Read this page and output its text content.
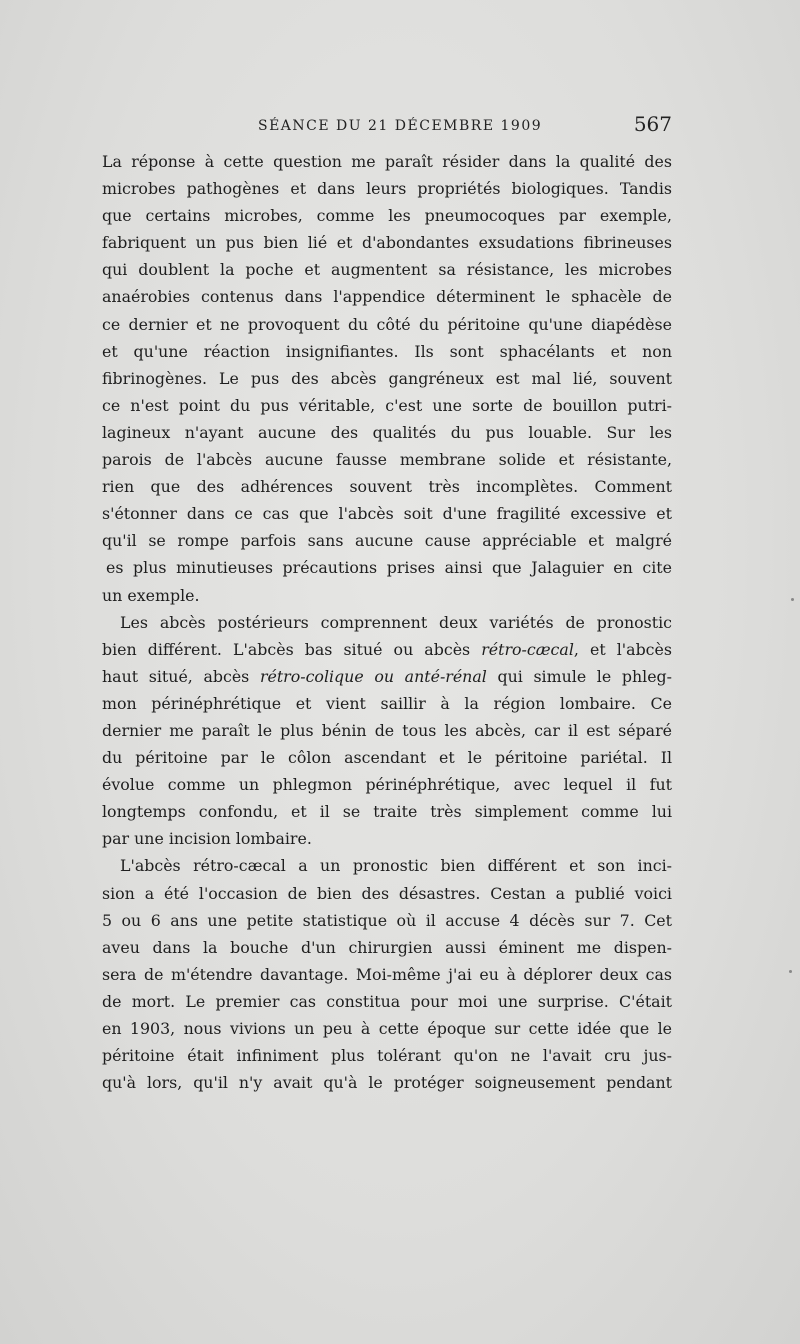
SÉANCE DU 21 DÉCEMBRE 1909	567

La réponse à cette question me paraît résider dans la qualité des
microbes pathogènes et dans leurs propriétés biologiques. Tandis
que certains microbes, comme les pneumocoques par exemple,
fabriquent un pus bien lié et d'abondantes exsudations fibrineuses
qui doublent la poche et augmentent sa résistance, les microbes
anaérobies contenus dans l'appendice déterminent le sphacèle de
ce dernier et ne provoquent du côté du péritoine qu'une diapédèse
et qu'une réaction insignifiantes. Ils sont sphacélants et non
fibrinogènes. Le pus des abcès gangréneux est mal lié, souvent
ce n'est point du pus véritable, c'est une sorte de bouillon putri-
lagineux n'ayant aucune des qualités du pus louable. Sur les
parois de l'abcès aucune fausse membrane solide et résistante,
rien que des adhérences souvent très incomplètes. Comment
s'étonner dans ce cas que l'abcès soit d'une fragilité excessive et
qu'il se rompe parfois sans aucune cause appréciable et malgré
es plus minutieuses précautions prises ainsi que Jalaguier en cite
un exemple.

Les abcès postérieurs comprennent deux variétés de pronostic
bien différent. L'abcès bas situé ou abcès rétro-cæcal, et l'abcès
haut situé, abcès rétro-colique ou anté-rénal qui simule le phleg-
mon périnéphrétique et vient saillir à la région lombaire. Ce
dernier me paraît le plus bénin de tous les abcès, car il est séparé
du péritoine par le côlon ascendant et le péritoine pariétal. Il
évolue comme un phlegmon périnéphrétique, avec lequel il fut
longtemps confondu, et il se traite très simplement comme lui
par une incision lombaire.

L'abcès rétro-cæcal a un pronostic bien différent et son inci-
sion a été l'occasion de bien des désastres. Cestan a publié voici
5 ou 6 ans une petite statistique où il accuse 4 décès sur 7. Cet
aveu dans la bouche d'un chirurgien aussi éminent me dispen-
sera de m'étendre davantage. Moi-même j'ai eu à déplorer deux cas
de mort. Le premier cas constitua pour moi une surprise. C'était
en 1903, nous vivions un peu à cette époque sur cette idée que le
péritoine était infiniment plus tolérant qu'on ne l'avait cru jus-
qu'à lors, qu'il n'y avait qu'à le protéger soigneusement pendant
